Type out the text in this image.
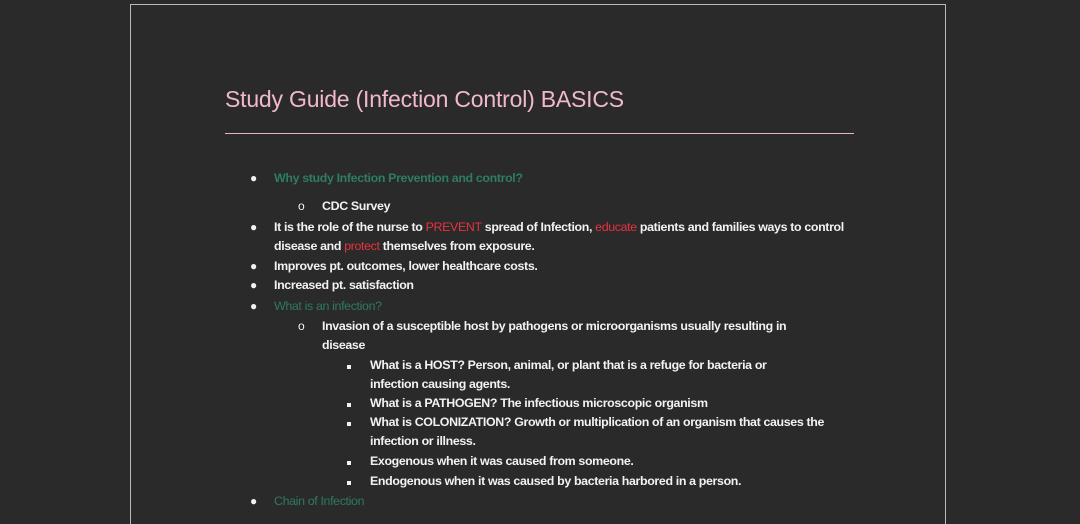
Study Guide (Infection Control) BASICS
● Why study Infection Prevention and control?
o CDC Survey
● It is the role of the nurse to PREVENT spread of Infection, educate patients and families ways to control disease and protect themselves from exposure.
● Improves pt. outcomes, lower healthcare costs.
● Increased pt. satisfaction
● What is an infection?
o Invasion of a susceptible host by pathogens or microorganisms usually resulting in disease
What is a HOST? Person, animal, or plant that is a refuge for bacteria or infection causing agents.
What is a PATHOGEN? The infectious microscopic organism
What is COLONIZATION? Growth or multiplication of an organism that causes the infection or illness.
Exogenous when it was caused from someone.
Endogenous when it was caused by bacteria harbored in a person.
● Chain of Infection
